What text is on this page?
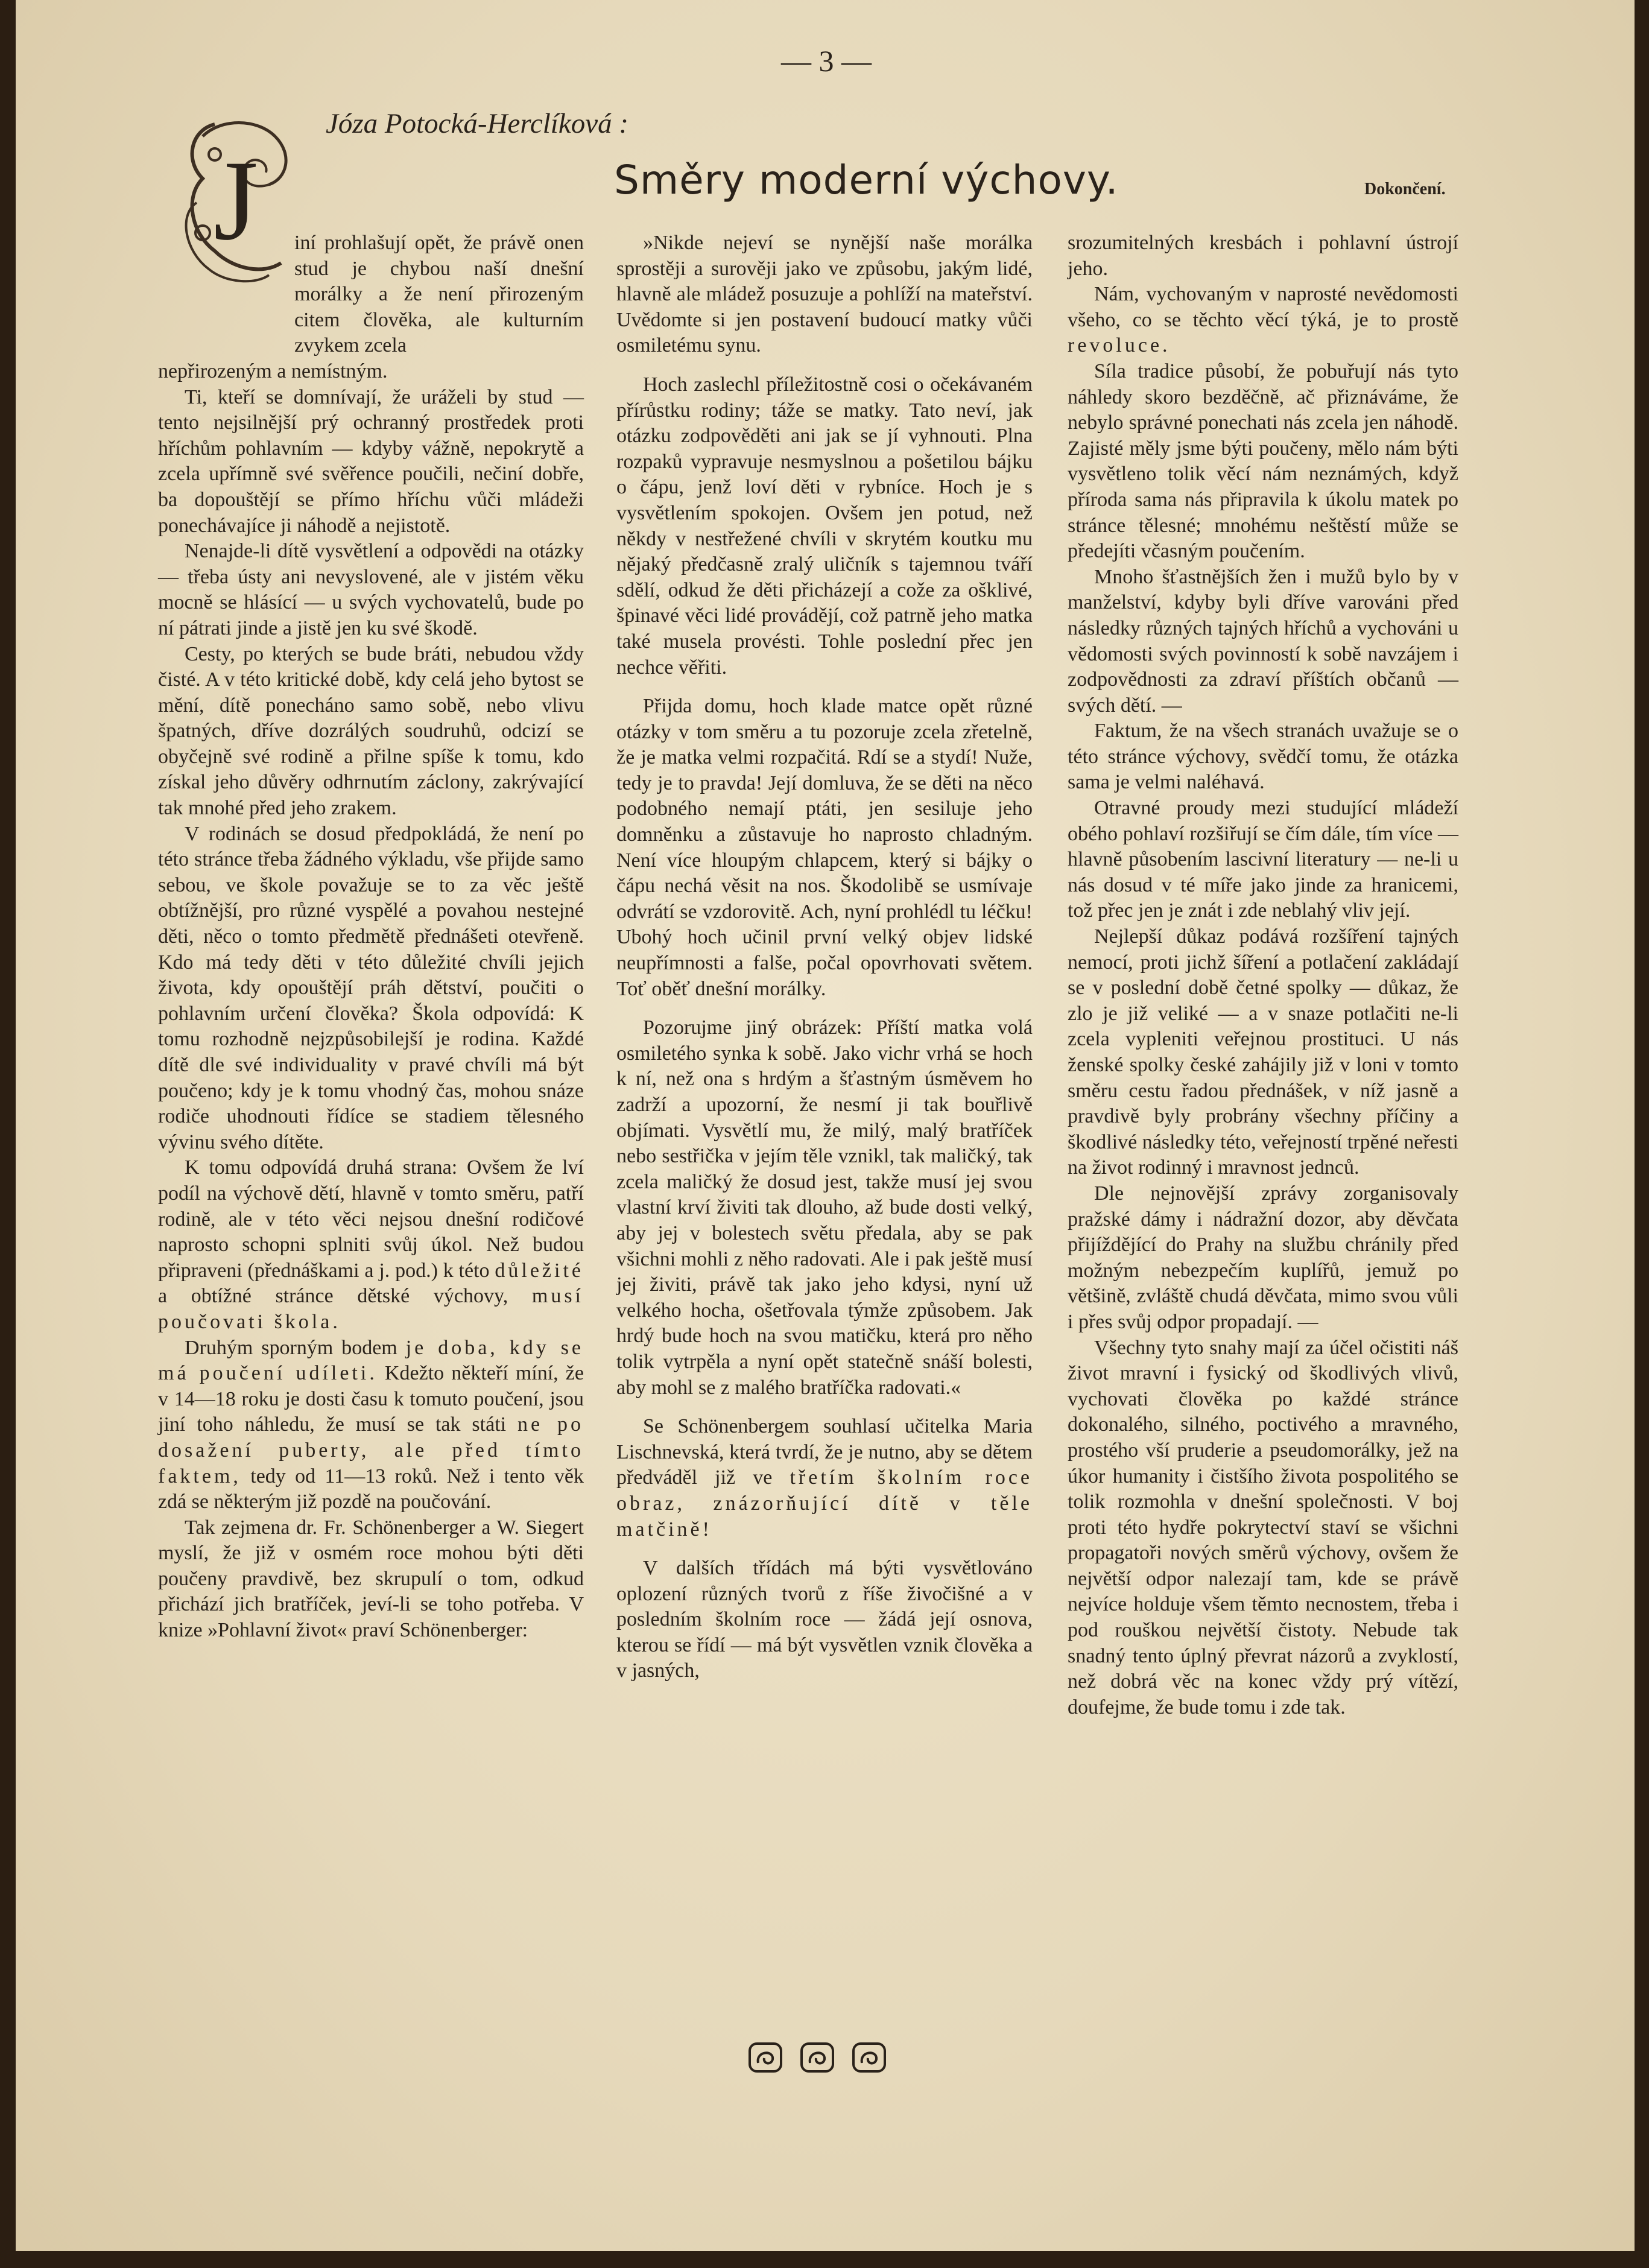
— 3 —
Józa Potocká-Herclíková :
Směry moderní výchovy.	Dokončení.
J	iní prohlašují opět, že právě onen stud je chybou naší dnešní morálky a že není přirozeným citem člověka, ale kulturním zvykem zcela

nepřirozeným a nemístným.

Ti, kteří se domnívají, že uráželi by stud — tento nejsilnější prý ochranný prostředek proti hříchům pohlavním — kdyby vážně, nepokrytě a zcela upřímně své svěřence poučili, nečiní dobře, ba dopouštějí se přímo hříchu vůči mládeži ponechávajíce ji náhodě a nejistotě.

Nenajde-li dítě vysvětlení a odpovědi na otázky — třeba ústy ani nevyslovené, ale v jistém věku mocně se hlásící — u svých vychovatelů, bude po ní pátrati jinde a jistě jen ku své škodě.

Cesty, po kterých se bude bráti, nebudou vždy čisté. A v této kritické době, kdy celá jeho bytost se mění, dítě ponecháno samo sobě, nebo vlivu špatných, dříve dozrálých soudruhů, odcizí se obyčejně své rodině a přilne spíše k tomu, kdo získal jeho důvěry odhrnutím záclony, zakrývající tak mnohé před jeho zrakem.

V rodinách se dosud předpokládá, že není po této stránce třeba žádného výkladu, vše přijde samo sebou, ve škole považuje se to za věc ještě obtížnější, pro různé vyspělé a povahou nestejné děti, něco o tomto předmětě přednášeti otevřeně. Kdo má tedy děti v této důležité chvíli jejich života, kdy opouštějí práh dětství, poučiti o pohlavním určení člověka? Škola odpovídá: K tomu rozhodně nejzpůsobilejší je rodina. Každé dítě dle své individuality v pravé chvíli má být poučeno; kdy je k tomu vhodný čas, mohou snáze rodiče uhodnouti řídíce se stadiem tělesného vývinu svého dítěte.

K tomu odpovídá druhá strana: Ovšem že lví podíl na výchově dětí, hlavně v tomto směru, patří rodině, ale v této věci nejsou dnešní rodičové naprosto schopni splniti svůj úkol. Než budou připraveni (přednáškami a j. pod.) k této důležité a obtížné stránce dětské výchovy, musí poučovati škola.

Druhým sporným bodem je doba, kdy se má poučení udíleti. Kdežto někteří míní, že v 14—18 roku je dosti času k tomuto poučení, jsou jiní toho náhledu, že musí se tak státi ne po dosažení puberty, ale před tímto faktem, tedy od 11—13 roků. Než i tento věk zdá se některým již pozdě na poučování.

Tak zejmena dr. Fr. Schönenberger a W. Siegert myslí, že již v osmém roce mohou býti děti poučeny pravdivě, bez skrupulí o tom, odkud přichází jich bratříček, jeví-li se toho potřeba. V knize »Pohlavní život« praví Schönenberger:

»Nikde nejeví se nynější naše morálka sprostěji a surověji jako ve způsobu, jakým lidé, hlavně ale mládež posuzuje a pohlíží na mateřství. Uvědomte si jen postavení budoucí matky vůči osmiletému synu.

Hoch zaslechl příležitostně cosi o očekávaném přírůstku rodiny; táže se matky. Tato neví, jak otázku zodpověděti ani jak se jí vyhnouti. Plna rozpaků vypravuje nesmyslnou a pošetilou bájku o čápu, jenž loví děti v rybníce. Hoch je s vysvětlením spokojen. Ovšem jen potud, než někdy v nestřežené chvíli v skrytém koutku mu nějaký předčasně zralý uličník s tajemnou tváří sdělí, odkud že děti přicházejí a cože za ošklivé, špinavé věci lidé provádějí, což patrně jeho matka také musela provésti. Tohle poslední přec jen nechce věřiti.

Přijda domu, hoch klade matce opět různé otázky v tom směru a tu pozoruje zcela zřetelně, že je matka velmi rozpačitá. Rdí se a stydí! Nuže, tedy je to pravda! Její domluva, že se děti na něco podobného nemají ptáti, jen sesiluje jeho domněnku a zůstavuje ho naprosto chladným. Není více hloupým chlapcem, který si bájky o čápu nechá věsit na nos. Škodolibě se usmívaje odvrátí se vzdorovitě. Ach, nyní prohlédl tu léčku! Ubohý hoch učinil první velký objev lidské neupřímnosti a falše, počal opovrhovati světem. Toť oběť dnešní morálky.

Pozorujme jiný obrázek: Příští matka volá osmiletého synka k sobě. Jako vichr vrhá se hoch k ní, než ona s hrdým a šťastným úsměvem ho zadrží a upozorní, že nesmí ji tak bouřlivě objímati. Vysvětlí mu, že milý, malý bratříček nebo sestřička v jejím těle vznikl, tak maličký, tak zcela maličký že dosud jest, takže musí jej svou vlastní krví živiti tak dlouho, až bude dosti velký, aby jej v bolestech světu předala, aby se pak všichni mohli z něho radovati. Ale i pak ještě musí jej živiti, právě tak jako jeho kdysi, nyní už velkého hocha, ošetřovala týmže způsobem. Jak hrdý bude hoch na svou matičku, která pro něho tolik vytrpěla a nyní opět statečně snáší bolesti, aby mohl se z malého bratříčka radovati.«

Se Schönenbergem souhlasí učitelka Maria Lischnevská, která tvrdí, že je nutno, aby se dětem předváděl již ve třetím školním roce obraz, znázorňující dítě v těle matčině!

V dalších třídách má býti vysvětlováno oplození různých tvorů z říše živočišné a v posledním školním roce — žádá její osnova, kterou se řídí — má být vysvětlen vznik člověka a v jasných,

srozumitelných kresbách i pohlavní ústrojí jeho.

Nám, vychovaným v naprosté nevědomosti všeho, co se těchto věcí týká, je to prostě revoluce.

Síla tradice působí, že pobuřují nás tyto náhledy skoro bezděčně, ač přiznáváme, že nebylo správné ponechati nás zcela jen náhodě. Zajisté měly jsme býti poučeny, mělo nám býti vysvětleno tolik věcí nám neznámých, když příroda sama nás připravila k úkolu matek po stránce tělesné; mnohému neštěstí může se předejíti včasným poučením.

Mnoho šťastnějších žen i mužů bylo by v manželství, kdyby byli dříve varováni před následky různých tajných hříchů a vychováni u vědomosti svých povinností k sobě navzájem i zodpovědnosti za zdraví příštích občanů — svých dětí. —

Faktum, že na všech stranách uvažuje se o této stránce výchovy, svědčí tomu, že otázka sama je velmi naléhavá.

Otravné proudy mezi studující mládeží obého pohlaví rozšiřují se čím dále, tím více — hlavně působením lascivní literatury — ne-li u nás dosud v té míře jako jinde za hranicemi, tož přec jen je znát i zde neblahý vliv její.

Nejlepší důkaz podává rozšíření tajných nemocí, proti jichž šíření a potlačení zakládají se v poslední době četné spolky — důkaz, že zlo je již veliké — a v snaze potlačiti ne-li zcela vypleniti veřejnou prostituci. U nás ženské spolky české zahájily již v loni v tomto směru cestu řadou přednášek, v níž jasně a pravdivě byly probrány všechny příčiny a škodlivé následky této, veřejností trpěné neřesti na život rodinný i mravnost jednců.

Dle nejnovější zprávy zorganisovaly pražské dámy i nádražní dozor, aby děvčata přijíždějící do Prahy na službu chránily před možným nebezpečím kuplířů, jemuž po většině, zvláště chudá děvčata, mimo svou vůli i přes svůj odpor propadají. —

Všechny tyto snahy mají za účel očistiti náš život mravní i fysický od škodlivých vlivů, vychovati člověka po každé stránce dokonalého, silného, poctivého a mravného, prostého vší pruderie a pseudomorálky, jež na úkor humanity i čistšího života pospolitého se tolik rozmohla v dnešní společnosti. V boj proti této hydře pokrytectví staví se všichni propagatoři nových směrů výchovy, ovšem že největší odpor nalezají tam, kde se právě nejvíce holduje všem těmto necnostem, třeba i pod rouškou největší čistoty. Nebude tak snadný tento úplný převrat názorů a zvyklostí, než dobrá věc na konec vždy prý vítězí, doufejme, že bude tomu i zde tak.
